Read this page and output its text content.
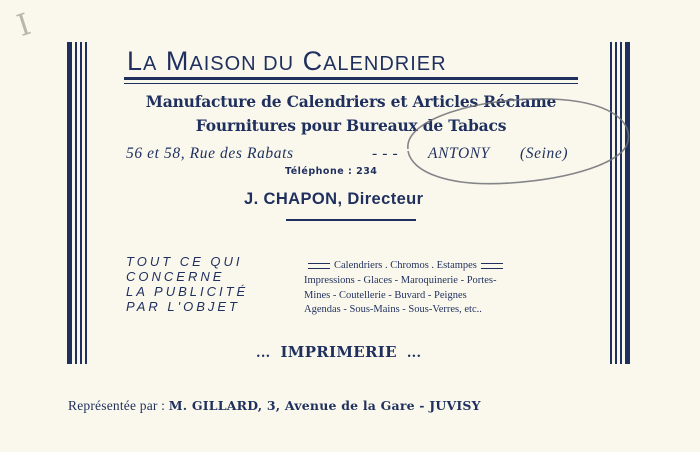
I
LA MAISON DU CALENDRIER
Manufacture de Calendriers et Articles Réclame
Fournitures pour Bureaux de Tabacs
56 et 58, Rue des Rabats	- - - ANTONY (Seine)
Téléphone : 234
J. CHAPON, Directeur
TOUT CE QUI
CONCERNE
LA PUBLICITÉ
PAR L'OBJET
Calendriers . Chromos . Estampes
Impressions - Glaces - Maroquinerie - Portes-
Mines - Coutellerie - Buvard - Peignes
Agendas - Sous-Mains - Sous-Verres, etc..
... IMPRIMERIE ...
Représentée par : M. GILLARD, 3, Avenue de la Gare - JUVISY
